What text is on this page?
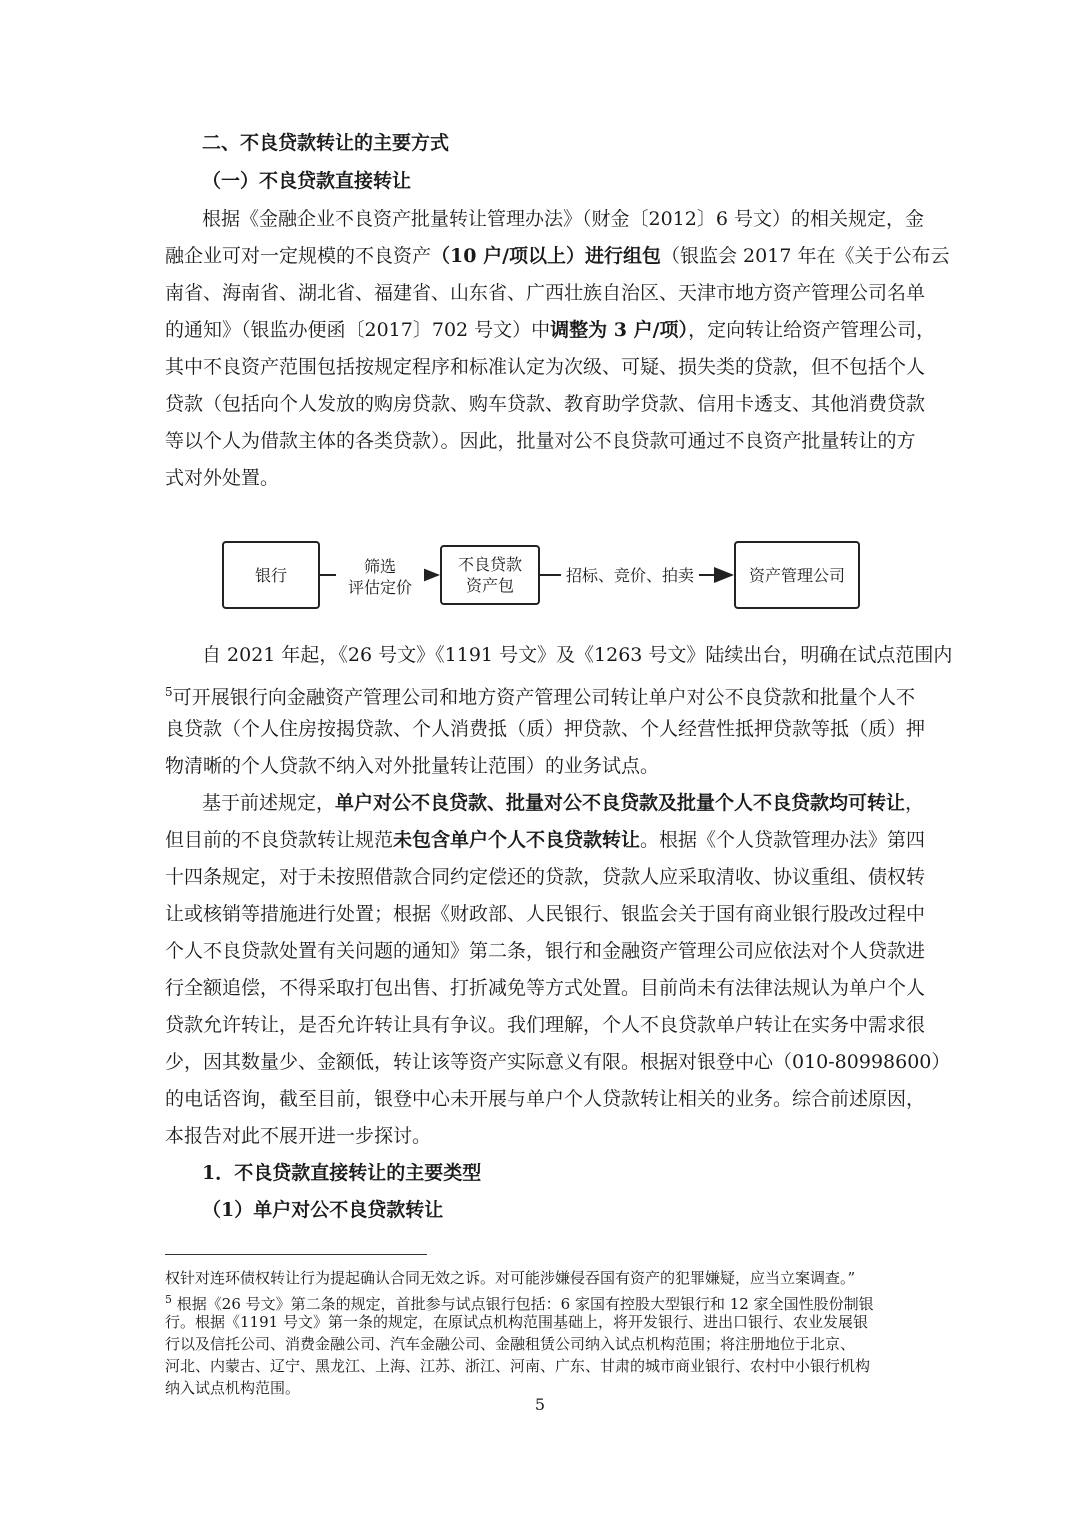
二、不良贷款转让的主要方式
（一）不良贷款直接转让
根据《金融企业不良资产批量转让管理办法》（财金〔2012〕6 号文）的相关规定，金
融企业可对一定规模的不良资产（10 户/项以上）进行组包（银监会 2017 年在《关于公布云
南省、海南省、湖北省、福建省、山东省、广西壮族自治区、天津市地方资产管理公司名单
的通知》（银监办便函〔2017〕702 号文）中调整为 3 户/项），定向转让给资产管理公司，
其中不良资产范围包括按规定程序和标准认定为次级、可疑、损失类的贷款，但不包括个人
贷款（包括向个人发放的购房贷款、购车贷款、教育助学贷款、信用卡透支、其他消费贷款
等以个人为借款主体的各类贷款）。因此，批量对公不良贷款可通过不良资产批量转让的方
式对外处置。
银行	筛选
评估定价
不良贷款
资产包
招标、竞价、拍卖	资产管理公司
自 2021 年起，《26 号文》《1191 号文》及《1263 号文》陆续出台，明确在试点范围内
$^5$可开展银行向金融资产管理公司和地方资产管理公司转让单户对公不良贷款和批量个人不
良贷款（个人住房按揭贷款、个人消费抵（质）押贷款、个人经营性抵押贷款等抵（质）押
物清晰的个人贷款不纳入对外批量转让范围）的业务试点。
基于前述规定，单户对公不良贷款、批量对公不良贷款及批量个人不良贷款均可转让，
但目前的不良贷款转让规范未包含单户个人不良贷款转让。根据《个人贷款管理办法》第四
十四条规定，对于未按照借款合同约定偿还的贷款，贷款人应采取清收、协议重组、债权转
让或核销等措施进行处置；根据《财政部、人民银行、银监会关于国有商业银行股改过程中
个人不良贷款处置有关问题的通知》第二条，银行和金融资产管理公司应依法对个人贷款进
行全额追偿，不得采取打包出售、打折减免等方式处置。目前尚未有法律法规认为单户个人
贷款允许转让，是否允许转让具有争议。我们理解，个人不良贷款单户转让在实务中需求很
少，因其数量少、金额低，转让该等资产实际意义有限。根据对银登中心（010-80998600）
的电话咨询，截至目前，银登中心未开展与单户个人贷款转让相关的业务。综合前述原因，
本报告对此不展开进一步探讨。
1．不良贷款直接转让的主要类型
（1）单户对公不良贷款转让
权针对连环债权转让行为提起确认合同无效之诉。对可能涉嫌侵吞国有资产的犯罪嫌疑，应当立案调查。”
$^5$ 根据《26 号文》第二条的规定，首批参与试点银行包括：6 家国有控股大型银行和 12 家全国性股份制银
行。根据《1191 号文》第一条的规定，在原试点机构范围基础上，将开发银行、进出口银行、农业发展银
行以及信托公司、消费金融公司、汽车金融公司、金融租赁公司纳入试点机构范围；将注册地位于北京、
河北、内蒙古、辽宁、黑龙江、上海、江苏、浙江、河南、广东、甘肃的城市商业银行、农村中小银行机构
纳入试点机构范围。
5
